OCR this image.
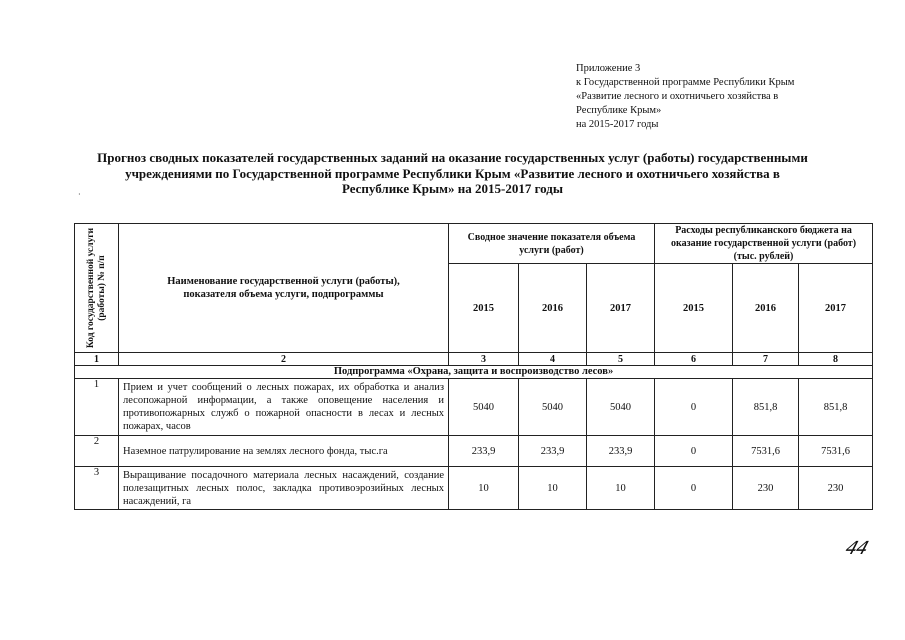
Приложение 3
к Государственной программе Республики Крым
«Развитие лесного и охотничьего хозяйства в
Республике Крым»
на 2015-2017 годы
Прогноз сводных показателей государственных заданий на оказание государственных услуг (работы) государственными
учреждениями по Государственной программе Республики Крым «Развитие лесного и охотничьего хозяйства в
Республике Крым» на 2015-2017 годы
·
Код государственной услуги (работы) № п/п	Наименование государственной услуги (работы), показателя объема услуги, подпрограммы	Сводное значение показателя объема услуги (работ)			Расходы республиканского бюджета на оказание государственной услуги (работ) (тыс. рублей)		
		2015	2016	2017	2015	2016	2017
1	2	3	4	5	6	7	8
Подпрограмма «Охрана, защита и воспроизводство лесов»							
1	Прием и учет сообщений о лесных пожарах, их обработка и анализ лесопожарной информации, а также оповещение населения и противопожарных служб о пожарной опасности в лесах и лесных пожарах, часов	5040	5040	5040	0	851,8	851,8
2	Наземное патрулирование на землях лесного фонда, тыс.га	233,9	233,9	233,9	0	7531,6	7531,6
3	Выращивание посадочного материала лесных насаждений, создание полезащитных лесных полос, закладка противоэрозийных лесных насаждений, га	10	10	10	0	230	230
44
